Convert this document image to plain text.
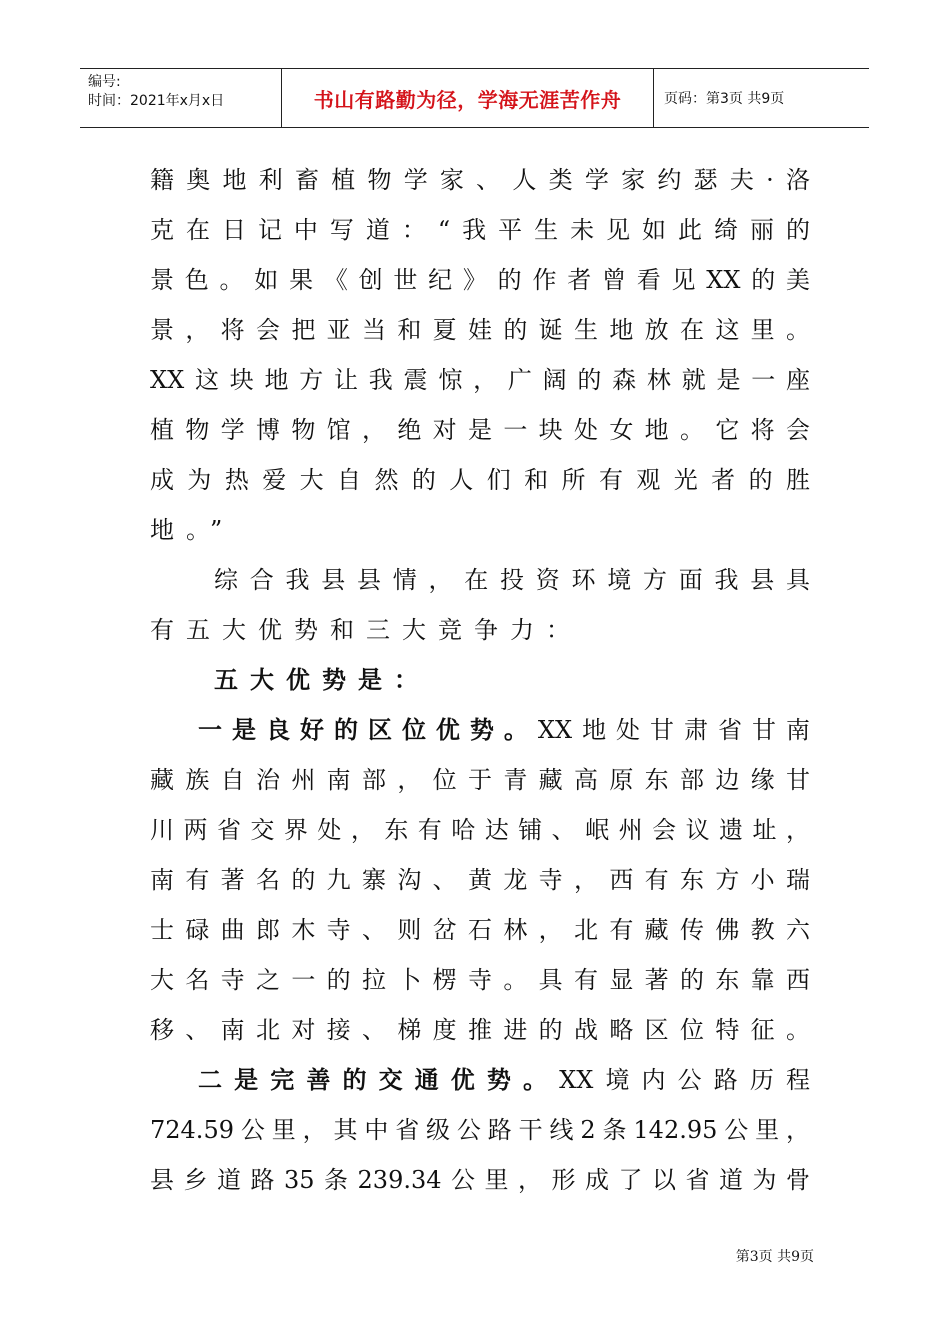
编号:
时间：2021年x月x日	书山有路勤为径，学海无涯苦作舟	页码：第3页 共9页
籍奥地利畜植物学家、人类学家约瑟夫·洛
克在日记中写道：“我平生未见如此绮丽的
景色。如果《创世纪》的作者曾看见XX的美
景，将会把亚当和夏娃的诞生地放在这里。
XX这块地方让我震惊，广阔的森林就是一座
植物学博物馆，绝对是一块处女地。它将会
成为热爱大自然的人们和所有观光者的胜
地。”
综合我县县情，在投资环境方面我县具
有五大优势和三大竞争力：
五大优势是：
一是良好的区位优势。XX地处甘肃省甘南
藏族自治州南部，位于青藏高原东部边缘甘
川两省交界处，东有哈达铺、岷州会议遗址，
南有著名的九寨沟、黄龙寺，西有东方小瑞
士碌曲郎木寺、则岔石林，北有藏传佛教六
大名寺之一的拉卜楞寺。具有显著的东靠西
移、南北对接、梯度推进的战略区位特征。
二是完善的交通优势。XX境内公路历程
724.59公里，其中省级公路干线2条142.95公里，
县乡道路35条239.34公里，形成了以省道为骨
第3页 共9页
